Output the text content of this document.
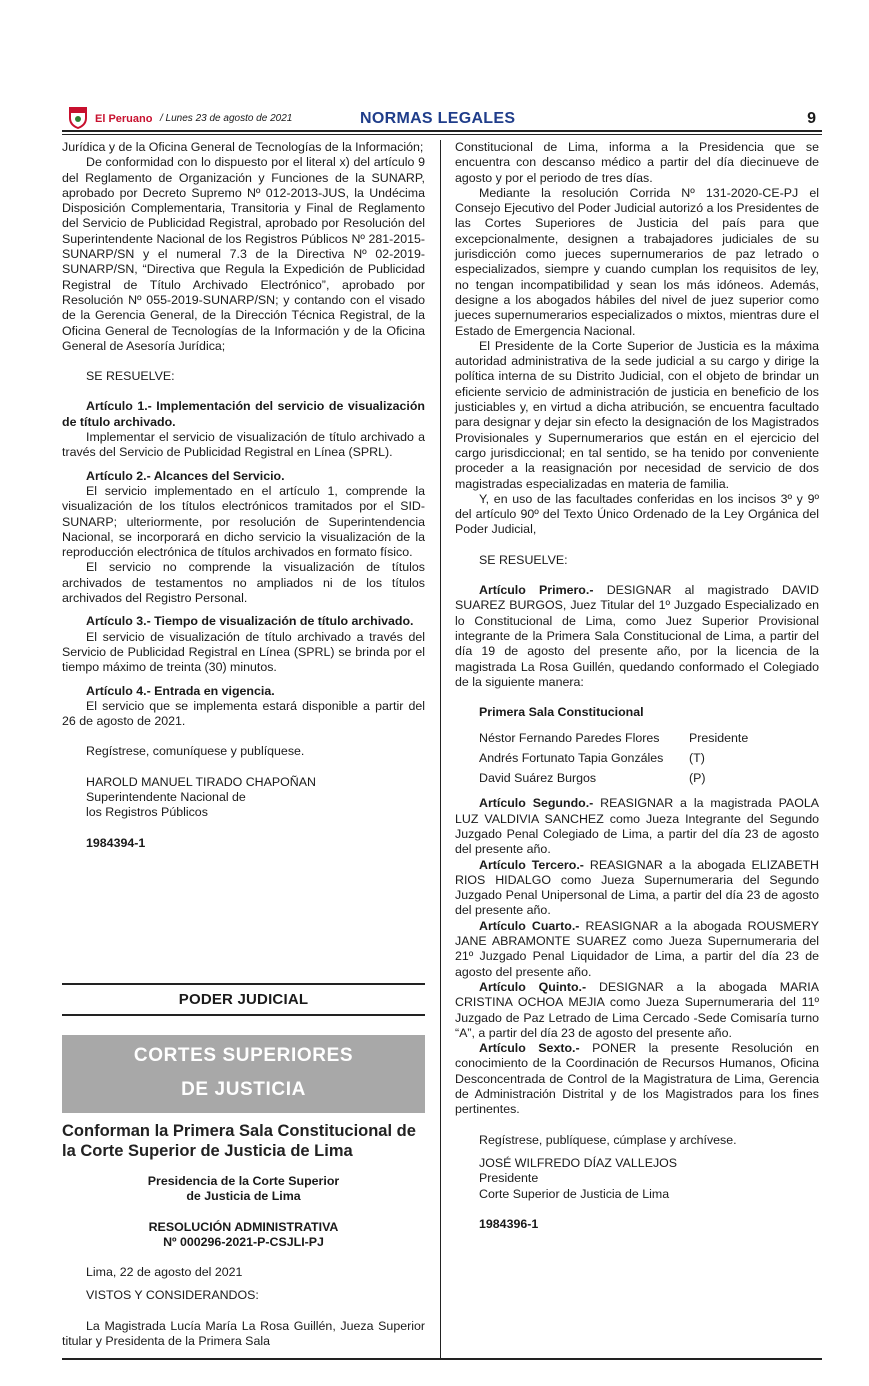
El Peruano / Lunes 23 de agosto de 2021	NORMAS LEGALES	9

Jurídica y de la Oficina General de Tecnologías de la Información;

De conformidad con lo dispuesto por el literal x) del artículo 9 del Reglamento de Organización y Funciones de la SUNARP, aprobado por Decreto Supremo Nº 012-2013-JUS, la Undécima Disposición Complementaria, Transitoria y Final de Reglamento del Servicio de Publicidad Registral, aprobado por Resolución del Superintendente Nacional de los Registros Públicos Nº 281-2015- SUNARP/SN y el numeral 7.3 de la Directiva Nº 02-2019-SUNARP/SN, “Directiva que Regula la Expedición de Publicidad Registral de Título Archivado Electrónico”, aprobado por Resolución Nº 055-2019-SUNARP/SN; y contando con el visado de la Gerencia General, de la Dirección Técnica Registral, de la Oficina General de Tecnologías de la Información y de la Oficina General de Asesoría Jurídica;

SE RESUELVE:

Artículo 1.- Implementación del servicio de visualización de título archivado.

Implementar el servicio de visualización de título archivado a través del Servicio de Publicidad Registral en Línea (SPRL).

Artículo 2.- Alcances del Servicio.

El servicio implementado en el artículo 1, comprende la visualización de los títulos electrónicos tramitados por el SID-SUNARP; ulteriormente, por resolución de Superintendencia Nacional, se incorporará en dicho servicio la visualización de la reproducción electrónica de títulos archivados en formato físico.

El servicio no comprende la visualización de títulos archivados de testamentos no ampliados ni de los títulos archivados del Registro Personal.

Artículo 3.- Tiempo de visualización de título archivado.

El servicio de visualización de título archivado a través del Servicio de Publicidad Registral en Línea (SPRL) se brinda por el tiempo máximo de treinta (30) minutos.

Artículo 4.- Entrada en vigencia.

El servicio que se implementa estará disponible a partir del 26 de agosto de 2021.

Regístrese, comuníquese y publíquese.

HAROLD MANUEL TIRADO CHAPOÑAN
Superintendente Nacional de
los Registros Públicos
1984394-1
PODER JUDICIAL
CORTES SUPERIORES
DE JUSTICIA
Conforman la Primera Sala Constitucional de la Corte Superior de Justicia de Lima
Presidencia de la Corte Superior
de Justicia de Lima
RESOLUCIÓN ADMINISTRATIVA
Nº 000296-2021-P-CSJLI-PJ

Lima, 22 de agosto del 2021

VISTOS Y CONSIDERANDOS:

La Magistrada Lucía María La Rosa Guillén, Jueza Superior titular y Presidenta de la Primera Sala

Constitucional de Lima, informa a la Presidencia que se encuentra con descanso médico a partir del día diecinueve de agosto y por el periodo de tres días.

Mediante la resolución Corrida Nº 131-2020-CE-PJ el Consejo Ejecutivo del Poder Judicial autorizó a los Presidentes de las Cortes Superiores de Justicia del país para que excepcionalmente, designen a trabajadores judiciales de su jurisdicción como jueces supernumerarios de paz letrado o especializados, siempre y cuando cumplan los requisitos de ley, no tengan incompatibilidad y sean los más idóneos. Además, designe a los abogados hábiles del nivel de juez superior como jueces supernumerarios especializados o mixtos, mientras dure el Estado de Emergencia Nacional.

El Presidente de la Corte Superior de Justicia es la máxima autoridad administrativa de la sede judicial a su cargo y dirige la política interna de su Distrito Judicial, con el objeto de brindar un eficiente servicio de administración de justicia en beneficio de los justiciables y, en virtud a dicha atribución, se encuentra facultado para designar y dejar sin efecto la designación de los Magistrados Provisionales y Supernumerarios que están en el ejercicio del cargo jurisdiccional; en tal sentido, se ha tenido por conveniente proceder a la reasignación por necesidad de servicio de dos magistradas especializadas en materia de familia.

Y, en uso de las facultades conferidas en los incisos 3º y 9º del artículo 90º del Texto Único Ordenado de la Ley Orgánica del Poder Judicial,

SE RESUELVE:

Artículo Primero.- DESIGNAR al magistrado DAVID SUAREZ BURGOS, Juez Titular del 1º Juzgado Especializado en lo Constitucional de Lima, como Juez Superior Provisional integrante de la Primera Sala Constitucional de Lima, a partir del día 19 de agosto del presente año, por la licencia de la magistrada La Rosa Guillén, quedando conformado el Colegiado de la siguiente manera:

Primera Sala Constitucional

Néstor Fernando Paredes Flores	Presidente
Andrés Fortunato Tapia Gonzáles	(T)
David Suárez Burgos	(P)

Artículo Segundo.- REASIGNAR a la magistrada PAOLA LUZ VALDIVIA SANCHEZ como Jueza Integrante del Segundo Juzgado Penal Colegiado de Lima, a partir del día 23 de agosto del presente año.

Artículo Tercero.- REASIGNAR a la abogada ELIZABETH RIOS HIDALGO como Jueza Supernumeraria del Segundo Juzgado Penal Unipersonal de Lima, a partir del día 23 de agosto del presente año.

Artículo Cuarto.- REASIGNAR a la abogada ROUSMERY JANE ABRAMONTE SUAREZ como Jueza Supernumeraria del 21º Juzgado Penal Liquidador de Lima, a partir del día 23 de agosto del presente año.

Artículo Quinto.- DESIGNAR a la abogada MARIA CRISTINA OCHOA MEJIA como Jueza Supernumeraria del 11º Juzgado de Paz Letrado de Lima Cercado -Sede Comisaría turno “A”, a partir del día 23 de agosto del presente año.

Artículo Sexto.- PONER la presente Resolución en conocimiento de la Coordinación de Recursos Humanos, Oficina Desconcentrada de Control de la Magistratura de Lima, Gerencia de Administración Distrital y de los Magistrados para los fines pertinentes.

Regístrese, publíquese, cúmplase y archívese.

JOSÉ WILFREDO DÍAZ VALLEJOS
Presidente
Corte Superior de Justicia de Lima
1984396-1
